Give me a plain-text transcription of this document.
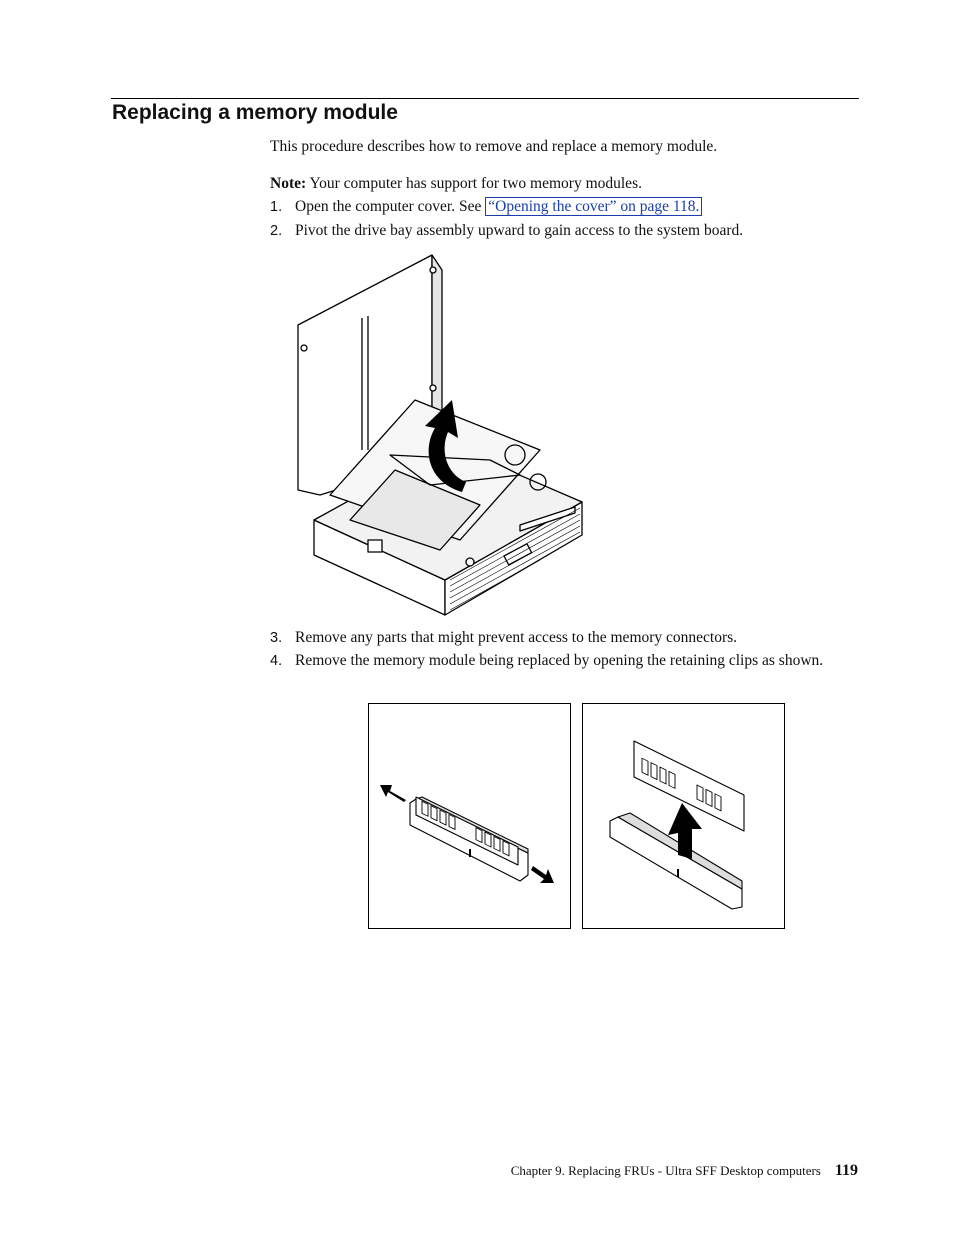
Replacing a memory module

This procedure describes how to remove and replace a memory module.

Note: Your computer has support for two memory modules.

1. Open the computer cover. See “Opening the cover” on page 118.
2. Pivot the drive bay assembly upward to gain access to the system board.
3. Remove any parts that might prevent access to the memory connectors.
4. Remove the memory module being replaced by opening the retaining clips as shown.
Chapter 9. Replacing FRUs - Ultra SFF Desktop computers 119
